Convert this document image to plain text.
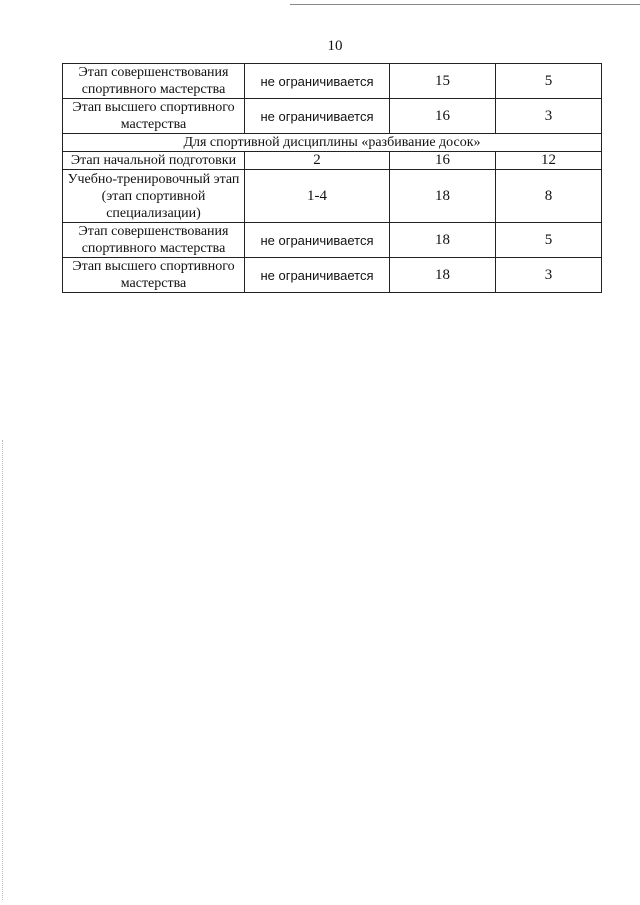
10
Этап совершенствования спортивного мастерства	не ограничивается	15	5
Этап высшего спортивного мастерства	не ограничивается	16	3
Для спортивной дисциплины «разбивание досок»			
Этап начальной подготовки	2	16	12
Учебно-тренировочный этап (этап спортивной специализации)	1-4	18	8
Этап совершенствования спортивного мастерства	не ограничивается	18	5
Этап высшего спортивного мастерства	не ограничивается	18	3
